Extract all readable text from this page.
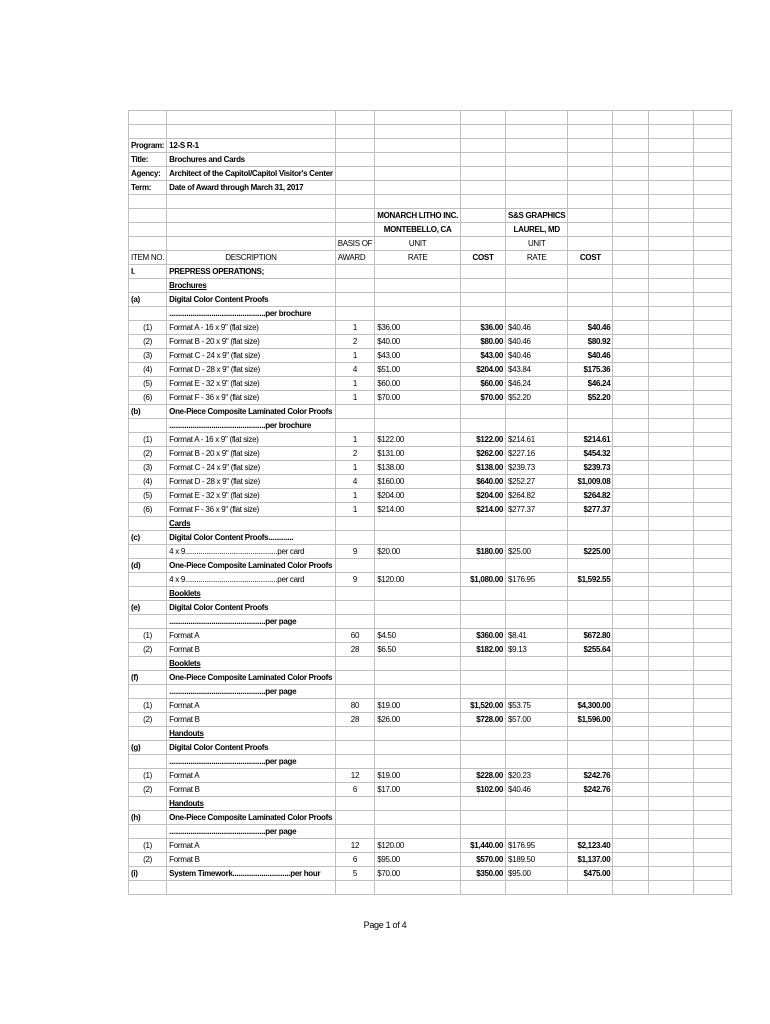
Program:	12-S R-1								
Title:	Brochures and Cards								
Agency:	Architect of the Capitol/Capitol Visitor's Center								
Term:	Date of Award through March 31, 2017								

			MONARCH LITHO INC.		S&S GRAPHICS				
			MONTEBELLO, CA		LAUREL, MD				
		BASIS OF	UNIT		UNIT				
ITEM NO.	DESCRIPTION	AWARD	RATE	COST	RATE	COST			
I.	PREPRESS OPERATIONS;								
	Brochures								
(a)	Digital Color Content Proofs								
	..................................................per brochure								
(1)	Format A - 16 x 9" (flat size)	1	$36.00	$36.00	$40.46	$40.46			
(2)	Format B - 20 x 9" (flat size)	2	$40.00	$80.00	$40.46	$80.92			
(3)	Format C - 24 x 9" (flat size)	1	$43.00	$43.00	$40.46	$40.46			
(4)	Format D - 28 x 9" (flat size)	4	$51.00	$204.00	$43.84	$175.36			
(5)	Format E - 32 x 9" (flat size)	1	$60.00	$60.00	$46.24	$46.24			
(6)	Format F - 36 x 9" (flat size)	1	$70.00	$70.00	$52.20	$52.20			
(b)	One-Piece Composite Laminated Color Proofs								
	..................................................per brochure								
(1)	Format A - 16 x 9" (flat size)	1	$122.00	$122.00	$214.61	$214.61			
(2)	Format B - 20 x 9" (flat size)	2	$131.00	$262.00	$227.16	$454.32			
(3)	Format C - 24 x 9" (flat size)	1	$138.00	$138.00	$239.73	$239.73			
(4)	Format D - 28 x 9" (flat size)	4	$160.00	$640.00	$252.27	$1,009.08			
(5)	Format E - 32 x 9" (flat size)	1	$204.00	$204.00	$264.82	$264.82			
(6)	Format F - 36 x 9" (flat size)	1	$214.00	$214.00	$277.37	$277.37			
	Cards								
(c)	Digital Color Content Proofs.............								
	4 x 9................................................per card	9	$20.00	$180.00	$25.00	$225.00			
(d)	One-Piece Composite Laminated Color Proofs								
	4 x 9................................................per card	9	$120.00	$1,080.00	$176.95	$1,592.55			
	Booklets								
(e)	Digital Color Content Proofs								
	..................................................per page								
(1)	Format A	60	$4.50	$360.00	$8.41	$672.80			
(2)	Format B	28	$6.50	$182.00	$9.13	$255.64			
	Booklets								
(f)	One-Piece Composite Laminated Color Proofs								
	..................................................per page								
(1)	Format A	80	$19.00	$1,520.00	$53.75	$4,300.00			
(2)	Format B	28	$26.00	$728.00	$57.00	$1,596.00			
	Handouts								
(g)	Digital Color Content Proofs								
	..................................................per page								
(1)	Format A	12	$19.00	$228.00	$20.23	$242.76			
(2)	Format B	6	$17.00	$102.00	$40.46	$242.76			
	Handouts								
(h)	One-Piece Composite Laminated Color Proofs								
	..................................................per page								
(1)	Format A	12	$120.00	$1,440.00	$176.95	$2,123.40			
(2)	Format B	6	$95.00	$570.00	$189.50	$1,137.00			
(i)	System Timework..............................per hour	5	$70.00	$350.00	$95.00	$475.00			

Page 1 of 4
